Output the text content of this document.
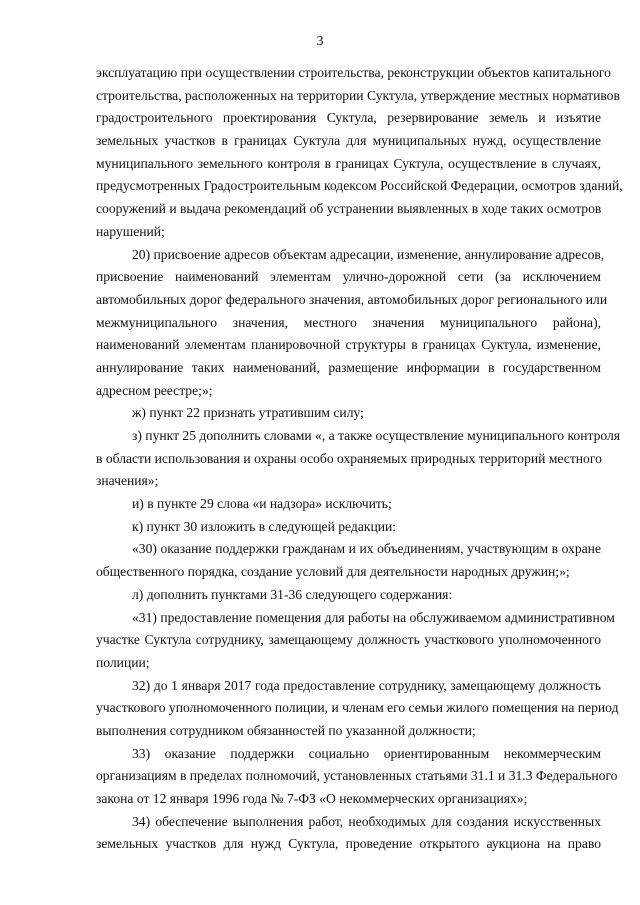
3
эксплуатацию при осуществлении строительства, реконструкции объектов капитального
строительства, расположенных на территории Суктула, утверждение местных нормативов
градостроительного проектирования Суктула, резервирование земель и изъятие
земельных участков в границах Суктула для муниципальных нужд, осуществление
муниципального земельного контроля в границах Суктула, осуществление в случаях,
предусмотренных Градостроительным кодексом Российской Федерации, осмотров зданий,
сооружений и выдача рекомендаций об устранении выявленных в ходе таких осмотров
нарушений;
20) присвоение адресов объектам адресации, изменение, аннулирование адресов,
присвоение наименований элементам улично-дорожной сети (за исключением
автомобильных дорог федерального значения, автомобильных дорог регионального или
межмуниципального значения, местного значения муниципального района),
наименований элементам планировочной структуры в границах Суктула, изменение,
аннулирование таких наименований, размещение информации в государственном
адресном реестре;»;
ж) пункт 22 признать утратившим силу;
з) пункт 25 дополнить словами «, а также осуществление муниципального контроля
в области использования и охраны особо охраняемых природных территорий местного
значения»;
и) в пункте 29 слова «и надзора» исключить;
к) пункт 30 изложить в следующей редакции:
«30) оказание поддержки гражданам и их объединениям, участвующим в охране
общественного порядка, создание условий для деятельности народных дружин;»;
л) дополнить пунктами 31-36 следующего содержания:
«31) предоставление помещения для работы на обслуживаемом административном
участке Суктула сотруднику, замещающему должность участкового уполномоченного
полиции;
32) до 1 января 2017 года предоставление сотруднику, замещающему должность
участкового уполномоченного полиции, и членам его семьи жилого помещения на период
выполнения сотрудником обязанностей по указанной должности;
33) оказание поддержки социально ориентированным некоммерческим
организациям в пределах полномочий, установленных статьями 31.1 и 31.3 Федерального
закона от 12 января 1996 года № 7-ФЗ «О некоммерческих организациях»;
34) обеспечение выполнения работ, необходимых для создания искусственных
земельных участков для нужд Суктула, проведение открытого аукциона на право
